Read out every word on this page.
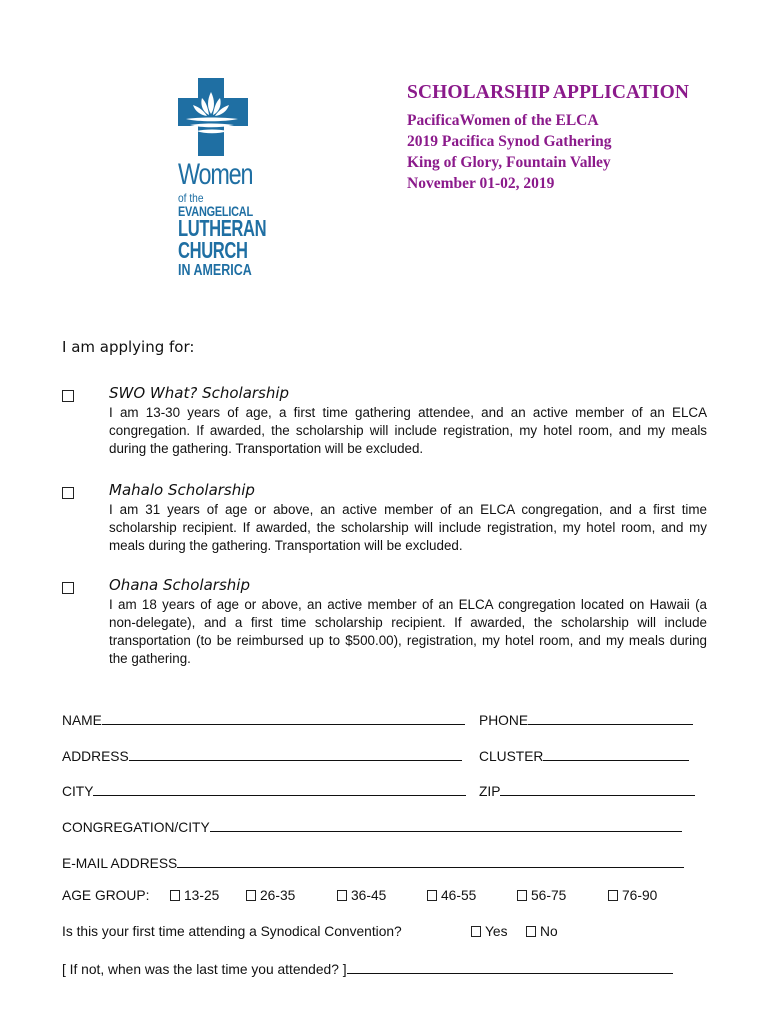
Women
of the
EVANGELICAL
LUTHERAN
CHURCH
IN AMERICA
SCHOLARSHIP APPLICATION
PacificaWomen of the ELCA
2019 Pacifica Synod Gathering
King of Glory, Fountain Valley
November 01-02, 2019
I am applying for:
SWO What? Scholarship
I am 13-30 years of age, a first time gathering attendee, and an active member of an ELCA congregation. If awarded, the scholarship will include registration, my hotel room, and my meals during the gathering. Transportation will be excluded.
Mahalo Scholarship
I am 31 years of age or above, an active member of an ELCA congregation, and a first time scholarship recipient. If awarded, the scholarship will include registration, my hotel room, and my meals during the gathering. Transportation will be excluded.
Ohana Scholarship
I am 18 years of age or above, an active member of an ELCA congregation located on Hawaii (a non-delegate), and a first time scholarship recipient. If awarded, the scholarship will include transportation (to be reimbursed up to $500.00), registration, my hotel room, and my meals during the gathering.
NAME	PHONE
ADDRESS	CLUSTER
CITY	ZIP
CONGREGATION/CITY
E-MAIL ADDRESS
AGE GROUP:	13-25	26-35	36-45	46-55	56-75	76-90
Is this your first time attending a Synodical Convention?	Yes	No
[ If not, when was the last time you attended? ]
